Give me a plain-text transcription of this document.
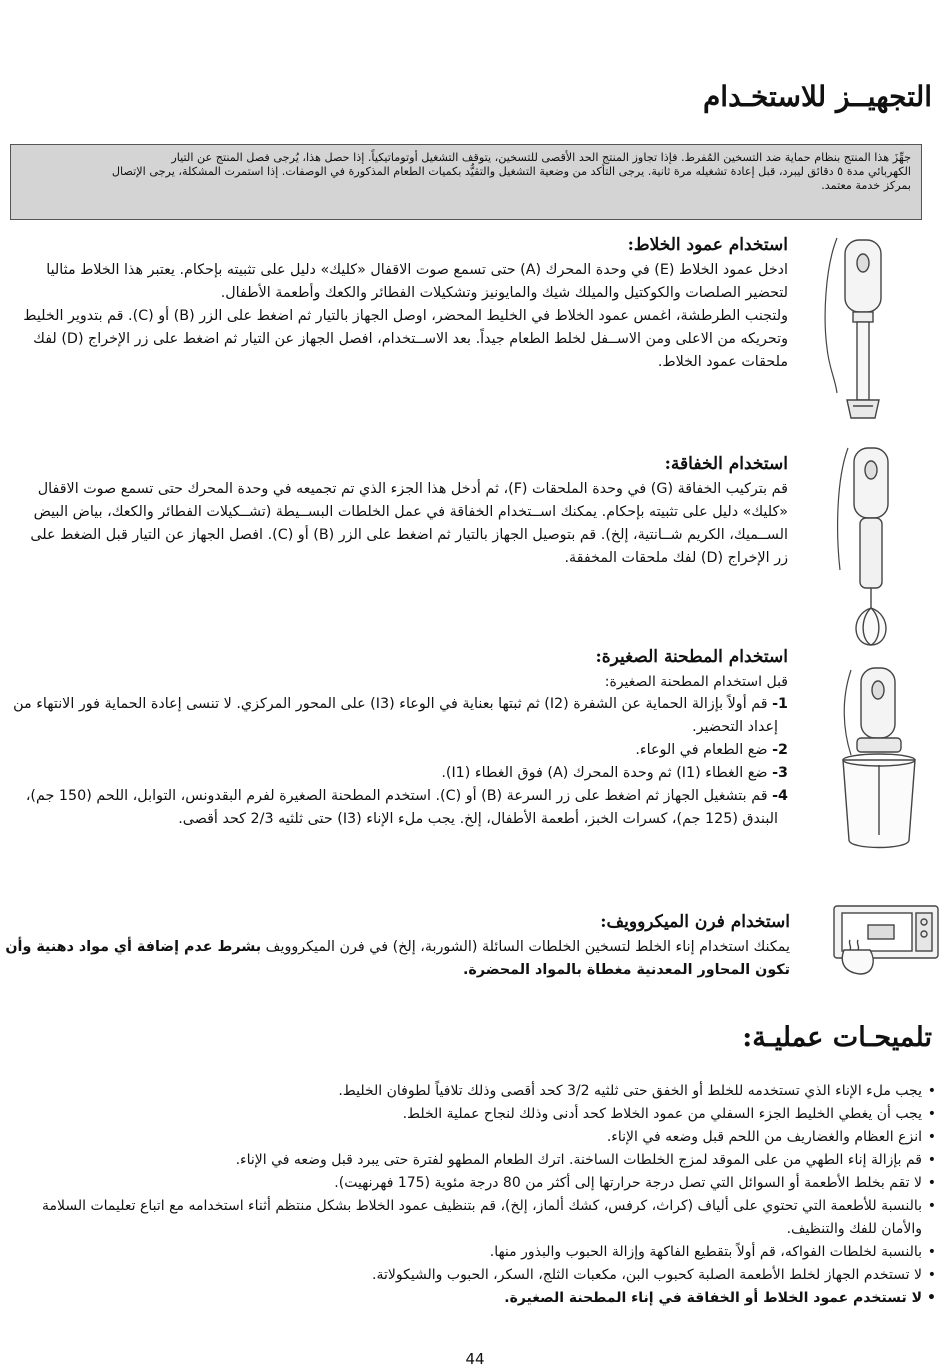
التجهيــز للاستخـدام
جهِّزَ هذا المنتج بنظام حماية ضد التسخين المُفرط. فإذا تجاوز المنتج الحد الأقصى للتسخين، يتوقف التشغيل أوتوماتيكياً. إذا حصل هذا، يُرجى فصل المنتج عن التيار
الكهربائي مدة ٥ دقائق ليبرد، قبل إعادة تشغيله مرة ثانية. يرجى التأكد من وضعية التشغيل والتقيُّد بكميات الطعام المذكورة في الوصفات. إذا استمرت المشكلة، يرجى الإتصال
بمركز خدمة معتمد.
استخدام عمود الخلاط:

ادخل عمود الخلاط (E) في وحدة المحرك (A) حتى تسمع صوت الاقفال «كليك» دليل على تثبيته بإحكام. يعتبر هذا الخلاط مثاليا

لتحضير الصلصات والكوكتيل والميلك شيك والمايونيز وتشكيلات الفطائر والكعك وأطعمة الأطفال.

ولتجنب الطرطشة، اغمس عمود الخلاط في الخليط المحضر، اوصل الجهاز بالتيار ثم اضغط على الزر (B) أو (C). قم بتدوير الخليط

وتحريكه من الاعلى ومن الاســفل لخلط الطعام جيداً. بعد الاســتخدام، افصل الجهاز عن التيار ثم اضغط على زر الإخراج (D) لفك

ملحقات عمود الخلاط.

استخدام الخفاقة:

قم بتركيب الخفاقة (G) في وحدة الملحقات (F)، ثم أدخل هذا الجزء الذي تم تجميعه في وحدة المحرك حتى تسمع صوت الاقفال

«كليك» دليل على تثبيته بإحكام. يمكنك اســتخدام الخفاقة في عمل الخلطات البســيطة (تشــكيلات الفطائر والكعك، بياض البيض

الســميك، الكريم شــانتية، إلخ). قم بتوصيل الجهاز بالتيار ثم اضغط على الزر (B) أو (C). افصل الجهاز عن التيار قبل الضغط على

زر الإخراج (D) لفك ملحقات المخفقة.

استخدام المطحنة الصغيرة:

قبل استخدام المطحنة الصغيرة:

1- قم أولاً بإزالة الحماية عن الشفرة (I2) ثم ثبتها بعناية في الوعاء (I3) على المحور المركزي. لا تنسى إعادة الحماية فور الانتهاء من

إعداد التحضير.

2- ضع الطعام في الوعاء.

3- ضع الغطاء (I1) ثم وحدة المحرك (A) فوق الغطاء (I1).

4- قم بتشغيل الجهاز ثم اضغط على زر السرعة (B) أو (C). استخدم المطحنة الصغيرة لفرم البقدونس، التوابل، اللحم (150 جم)،

البندق (125 جم)، كسرات الخبز، أطعمة الأطفال، إلخ. يجب ملء الإناء (I3) حتى ثلثيه 2/3 كحد أقصى.

استخدام فرن الميكروويف:

يمكنك استخدام إناء الخلط لتسخين الخلطات السائلة (الشوربة، إلخ) في فرن الميكروويف بشرط عدم إضافة أي مواد دهنية وأن

تكون المحاور المعدنية مغطاة بالمواد المحضرة.

تلميحـات عمليـة:
• يجب ملء الإناء الذي تستخدمه للخلط أو الخفق حتى ثلثيه 3/2 كحد أقصى وذلك تلافياً لطوفان الخليط.
• يجب أن يغطي الخليط الجزء السفلي من عمود الخلاط كحد أدنى وذلك لنجاح عملية الخلط.
• انزع العظام والغضاريف من اللحم قبل وضعه في الإناء.
• قم بإزالة إناء الطهي من على الموقد لمزج الخلطات الساخنة. اترك الطعام المطهو لفترة حتى يبرد قبل وضعه في الإناء.
• لا تقم بخلط الأطعمة أو السوائل التي تصل درجة حرارتها إلى أكثر من 80 درجة مئوية (175 فهرنهيت).
• بالنسبة للأطعمة التي تحتوي على ألياف (كراث، كرفس، كشك ألماز، إلخ)، قم بتنظيف عمود الخلاط بشكل منتظم أثناء استخدامه مع اتباع تعليمات السلامة والأمان للفك والتنظيف.
• بالنسبة لخلطات الفواكه، قم أولاً بتقطيع الفاكهة وإزالة الحبوب والبذور منها.
• لا تستخدم الجهاز لخلط الأطعمة الصلبة كحبوب البن، مكعبات الثلج، السكر، الحبوب والشيكولاتة.
• لا تستخدم عمود الخلاط أو الخفاقة في إناء المطحنة الصغيرة.
44
